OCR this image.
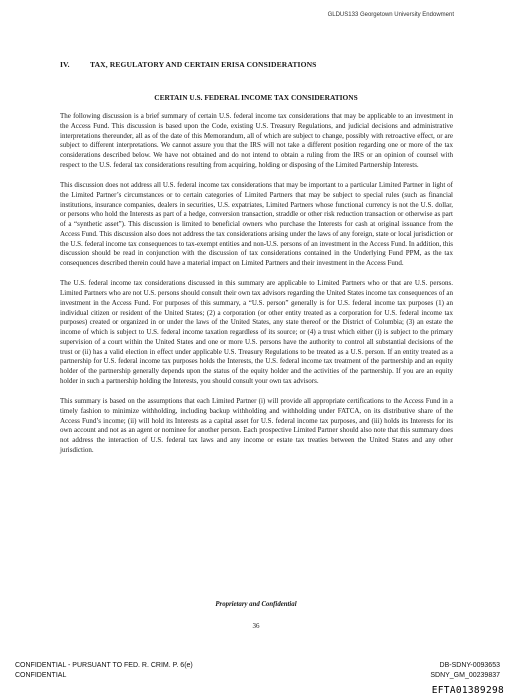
GLDUS133 Georgetown University Endowment
IV.	TAX, REGULATORY AND CERTAIN ERISA CONSIDERATIONS
CERTAIN U.S. FEDERAL INCOME TAX CONSIDERATIONS

The following discussion is a brief summary of certain U.S. federal income tax considerations that may be applicable to an investment in the Access Fund. This discussion is based upon the Code, existing U.S. Treasury Regulations, and judicial decisions and administrative interpretations thereunder, all as of the date of this Memorandum, all of which are subject to change, possibly with retroactive effect, or are subject to different interpretations. We cannot assure you that the IRS will not take a different position regarding one or more of the tax considerations described below. We have not obtained and do not intend to obtain a ruling from the IRS or an opinion of counsel with respect to the U.S. federal tax considerations resulting from acquiring, holding or disposing of the Limited Partnership Interests.

This discussion does not address all U.S. federal income tax considerations that may be important to a particular Limited Partner in light of the Limited Partner’s circumstances or to certain categories of Limited Partners that may be subject to special rules (such as financial institutions, insurance companies, dealers in securities, U.S. expatriates, Limited Partners whose functional currency is not the U.S. dollar, or persons who hold the Interests as part of a hedge, conversion transaction, straddle or other risk reduction transaction or otherwise as part of a “synthetic asset”). This discussion is limited to beneficial owners who purchase the Interests for cash at original issuance from the Access Fund. This discussion also does not address the tax considerations arising under the laws of any foreign, state or local jurisdiction or the U.S. federal income tax consequences to tax-exempt entities and non-U.S. persons of an investment in the Access Fund. In addition, this discussion should be read in conjunction with the discussion of tax considerations contained in the Underlying Fund PPM, as the tax consequences described therein could have a material impact on Limited Partners and their investment in the Access Fund.

The U.S. federal income tax considerations discussed in this summary are applicable to Limited Partners who or that are U.S. persons. Limited Partners who are not U.S. persons should consult their own tax advisors regarding the United States income tax consequences of an investment in the Access Fund. For purposes of this summary, a “U.S. person” generally is for U.S. federal income tax purposes (1) an individual citizen or resident of the United States; (2) a corporation (or other entity treated as a corporation for U.S. federal income tax purposes) created or organized in or under the laws of the United States, any state thereof or the District of Columbia; (3) an estate the income of which is subject to U.S. federal income taxation regardless of its source; or (4) a trust which either (i) is subject to the primary supervision of a court within the United States and one or more U.S. persons have the authority to control all substantial decisions of the trust or (ii) has a valid election in effect under applicable U.S. Treasury Regulations to be treated as a U.S. person. If an entity treated as a partnership for U.S. federal income tax purposes holds the Interests, the U.S. federal income tax treatment of the partnership and an equity holder of the partnership generally depends upon the status of the equity holder and the activities of the partnership. If you are an equity holder in such a partnership holding the Interests, you should consult your own tax advisors.

This summary is based on the assumptions that each Limited Partner (i) will provide all appropriate certifications to the Access Fund in a timely fashion to minimize withholding, including backup withholding and withholding under FATCA, on its distributive share of the Access Fund’s income; (ii) will hold its Interests as a capital asset for U.S. federal income tax purposes, and (iii) holds its Interests for its own account and not as an agent or nominee for another person. Each prospective Limited Partner should also note that this summary does not address the interaction of U.S. federal tax laws and any income or estate tax treaties between the United States and any other jurisdiction.

Proprietary and Confidential
36
CONFIDENTIAL - PURSUANT TO FED. R. CRIM. P. 6(e)
CONFIDENTIAL
DB-SDNY-0093653
SDNY_GM_00239837
EFTA01389298
